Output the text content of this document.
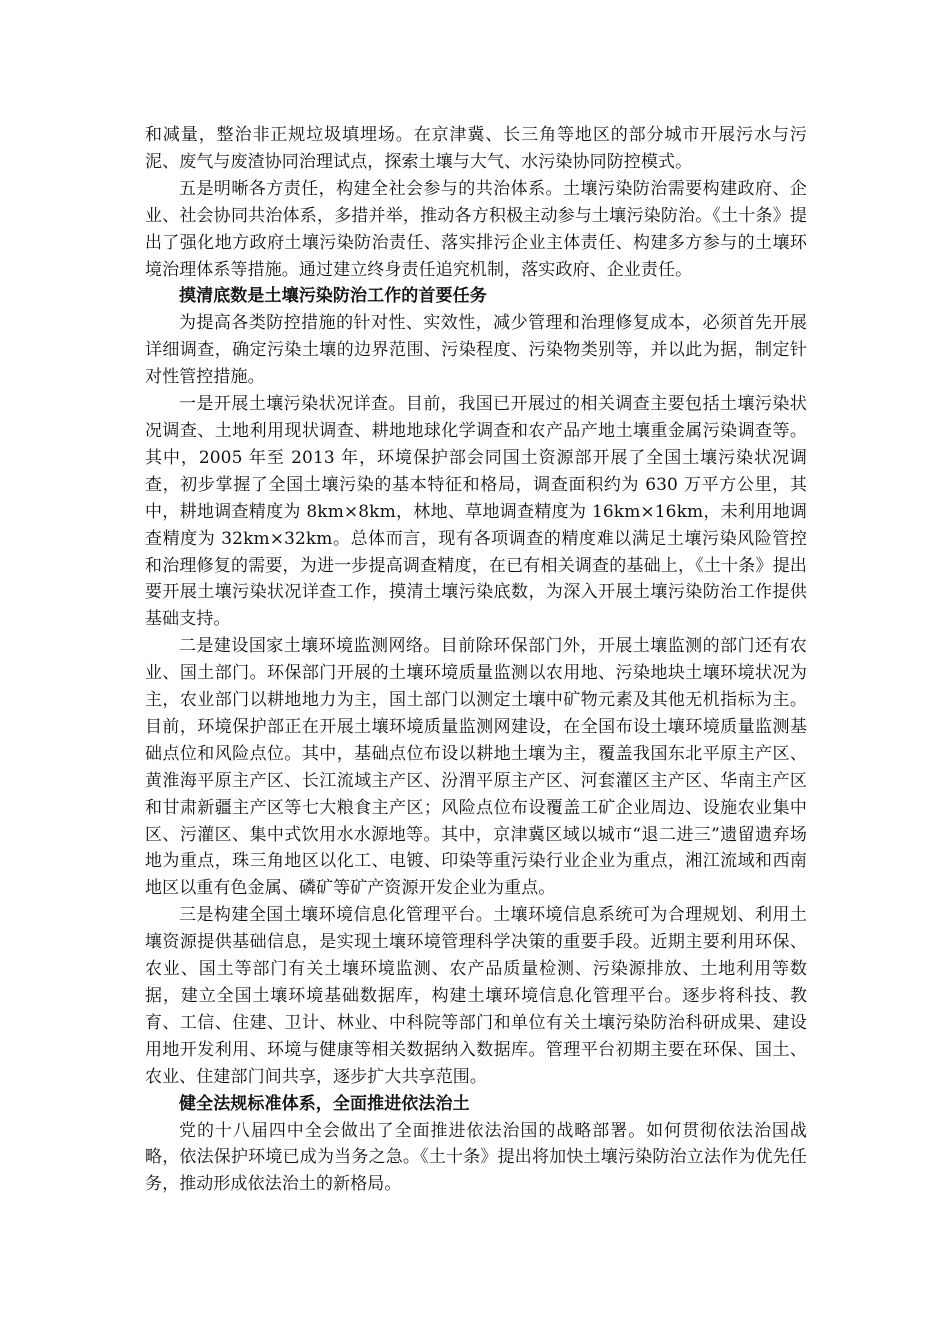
和减量，整治非正规垃圾填埋场。在京津冀、长三角等地区的部分城市开展污水与污泥、废气与废渣协同治理试点，探索土壤与大气、水污染协同防控模式。

五是明晰各方责任，构建全社会参与的共治体系。土壤污染防治需要构建政府、企业、社会协同共治体系，多措并举，推动各方积极主动参与土壤污染防治。《土十条》提出了强化地方政府土壤污染防治责任、落实排污企业主体责任、构建多方参与的土壤环境治理体系等措施。通过建立终身责任追究机制，落实政府、企业责任。

摸清底数是土壤污染防治工作的首要任务

为提高各类防控措施的针对性、实效性，减少管理和治理修复成本，必须首先开展详细调查，确定污染土壤的边界范围、污染程度、污染物类别等，并以此为据，制定针对性管控措施。

一是开展土壤污染状况详查。目前，我国已开展过的相关调查主要包括土壤污染状况调查、土地利用现状调查、耕地地球化学调查和农产品产地土壤重金属污染调查等。其中，2005 年至 2013 年，环境保护部会同国土资源部开展了全国土壤污染状况调查，初步掌握了全国土壤污染的基本特征和格局，调查面积约为 630 万平方公里，其中，耕地调查精度为 8km×8km，林地、草地调查精度为 16km×16km，未利用地调查精度为 32km×32km。总体而言，现有各项调查的精度难以满足土壤污染风险管控和治理修复的需要，为进一步提高调查精度，在已有相关调查的基础上，《土十条》提出要开展土壤污染状况详查工作，摸清土壤污染底数，为深入开展土壤污染防治工作提供基础支持。

二是建设国家土壤环境监测网络。目前除环保部门外，开展土壤监测的部门还有农业、国土部门。环保部门开展的土壤环境质量监测以农用地、污染地块土壤环境状况为主，农业部门以耕地地力为主，国土部门以测定土壤中矿物元素及其他无机指标为主。目前，环境保护部正在开展土壤环境质量监测网建设，在全国布设土壤环境质量监测基础点位和风险点位。其中，基础点位布设以耕地土壤为主，覆盖我国东北平原主产区、黄淮海平原主产区、长江流域主产区、汾渭平原主产区、河套灌区主产区、华南主产区和甘肃新疆主产区等七大粮食主产区；风险点位布设覆盖工矿企业周边、设施农业集中区、污灌区、集中式饮用水水源地等。其中，京津冀区域以城市“退二进三”遗留遗弃场地为重点，珠三角地区以化工、电镀、印染等重污染行业企业为重点，湘江流域和西南地区以重有色金属、磷矿等矿产资源开发企业为重点。

三是构建全国土壤环境信息化管理平台。土壤环境信息系统可为合理规划、利用土壤资源提供基础信息，是实现土壤环境管理科学决策的重要手段。近期主要利用环保、农业、国土等部门有关土壤环境监测、农产品质量检测、污染源排放、土地利用等数据，建立全国土壤环境基础数据库，构建土壤环境信息化管理平台。逐步将科技、教育、工信、住建、卫计、林业、中科院等部门和单位有关土壤污染防治科研成果、建设用地开发利用、环境与健康等相关数据纳入数据库。管理平台初期主要在环保、国土、农业、住建部门间共享，逐步扩大共享范围。

健全法规标准体系，全面推进依法治土

党的十八届四中全会做出了全面推进依法治国的战略部署。如何贯彻依法治国战略，依法保护环境已成为当务之急。《土十条》提出将加快土壤污染防治立法作为优先任务，推动形成依法治土的新格局。
